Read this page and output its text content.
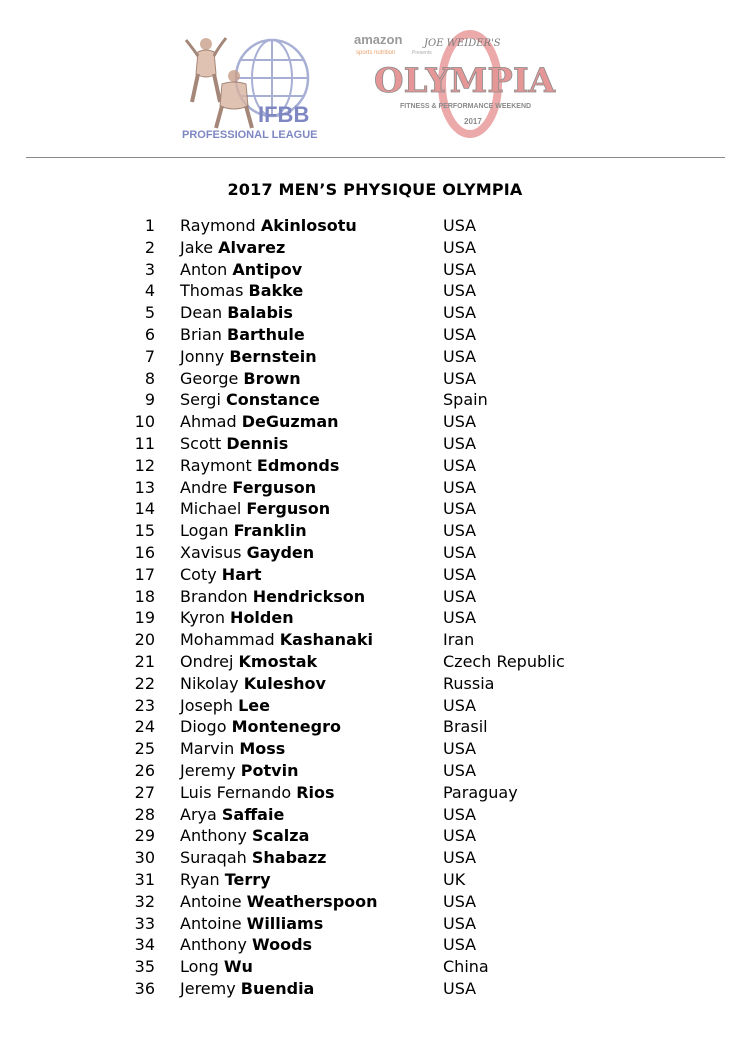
IFBB
PROFESSIONAL LEAGUE
amazon
sports nutrition	Presents
JOE WEIDER'S
OLYMPIA
FITNESS & PERFORMANCE WEEKEND
2017
2017 MEN’S PHYSIQUE OLYMPIA
1 Raymond Akinlosotu	USA
2 Jake Alvarez	USA
3 Anton Antipov	USA
4 Thomas Bakke	USA
5 Dean Balabis	USA
6 Brian Barthule	USA
7 Jonny Bernstein	USA
8 George Brown	USA
9 Sergi Constance	Spain
10 Ahmad DeGuzman	USA
11 Scott Dennis	USA
12 Raymont Edmonds	USA
13 Andre Ferguson	USA
14 Michael Ferguson	USA
15 Logan Franklin	USA
16 Xavisus Gayden	USA
17 Coty Hart	USA
18 Brandon Hendrickson	USA
19 Kyron Holden	USA
20 Mohammad Kashanaki	Iran
21 Ondrej Kmostak	Czech Republic
22 Nikolay Kuleshov	Russia
23 Joseph Lee	USA
24 Diogo Montenegro	Brasil
25 Marvin Moss	USA
26 Jeremy Potvin	USA
27 Luis Fernando Rios	Paraguay
28 Arya Saffaie	USA
29 Anthony Scalza	USA
30 Suraqah Shabazz	USA
31 Ryan Terry	UK
32 Antoine Weatherspoon	USA
33 Antoine Williams	USA
34 Anthony Woods	USA
35 Long Wu	China
36 Jeremy Buendia	USA
